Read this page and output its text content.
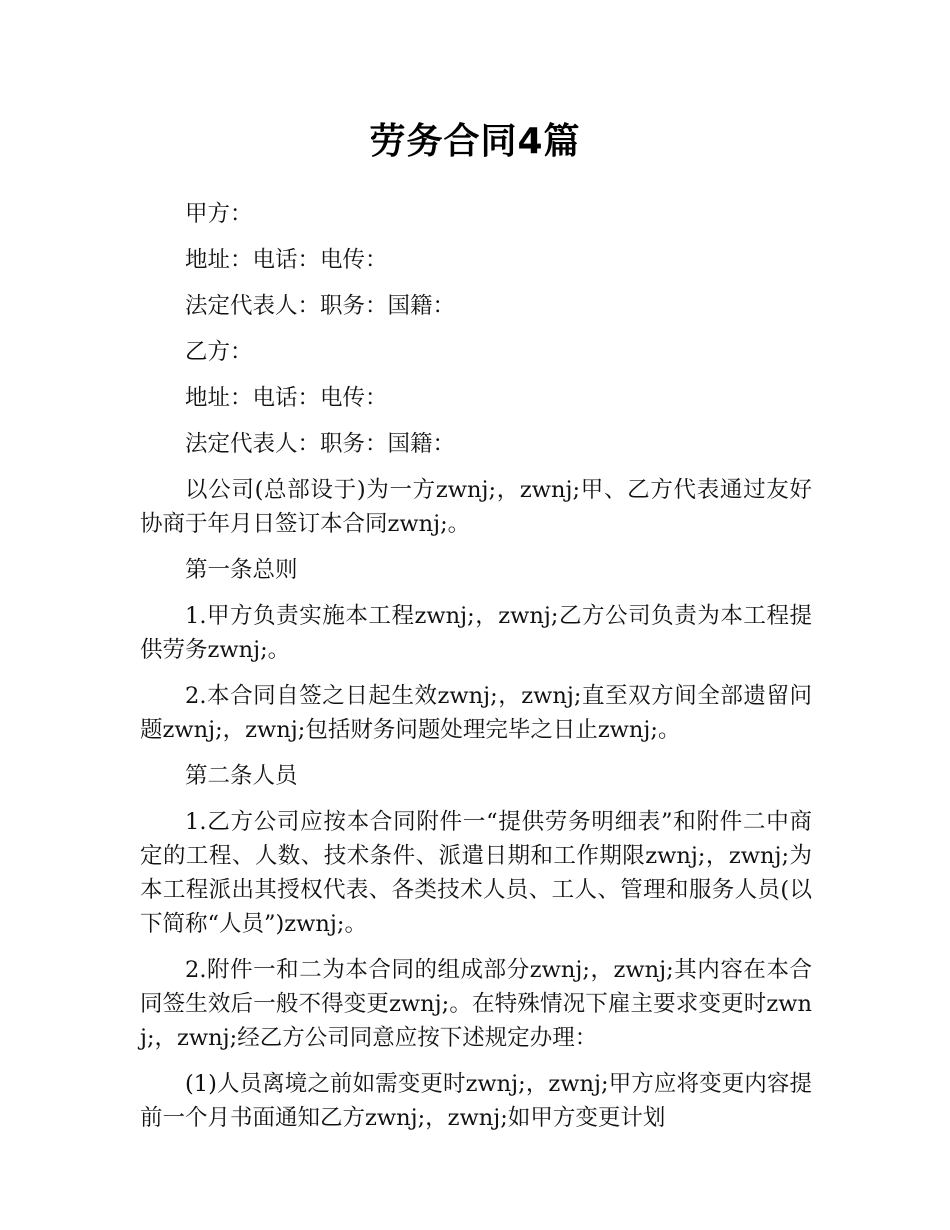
劳务合同4篇

甲方：

地址：电话：电传：

法定代表人：职务：国籍：

乙方：

地址：电话：电传：

法定代表人：职务：国籍：

以公司(总部设于)为一方zwnj;，zwnj;甲、乙方代表通过友好协商于年月日签订本合同zwnj;。

第一条总则

1.甲方负责实施本工程zwnj;，zwnj;乙方公司负责为本工程提供劳务zwnj;。

2.本合同自签之日起生效zwnj;，zwnj;直至双方间全部遗留问题zwnj;，zwnj;包括财务问题处理完毕之日止zwnj;。

第二条人员

1.乙方公司应按本合同附件一“提供劳务明细表”和附件二中商定的工程、人数、技术条件、派遣日期和工作期限zwnj;，zwnj;为本工程派出其授权代表、各类技术人员、工人、管理和服务人员(以下简称“人员”)zwnj;。

2.附件一和二为本合同的组成部分zwnj;，zwnj;其内容在本合同签生效后一般不得变更zwnj;。在特殊情况下雇主要求变更时zwnj;，zwnj;经乙方公司同意应按下述规定办理：

(1)人员离境之前如需变更时zwnj;，zwnj;甲方应将变更内容提前一个月书面通知乙方zwnj;，zwnj;如甲方变更计划
